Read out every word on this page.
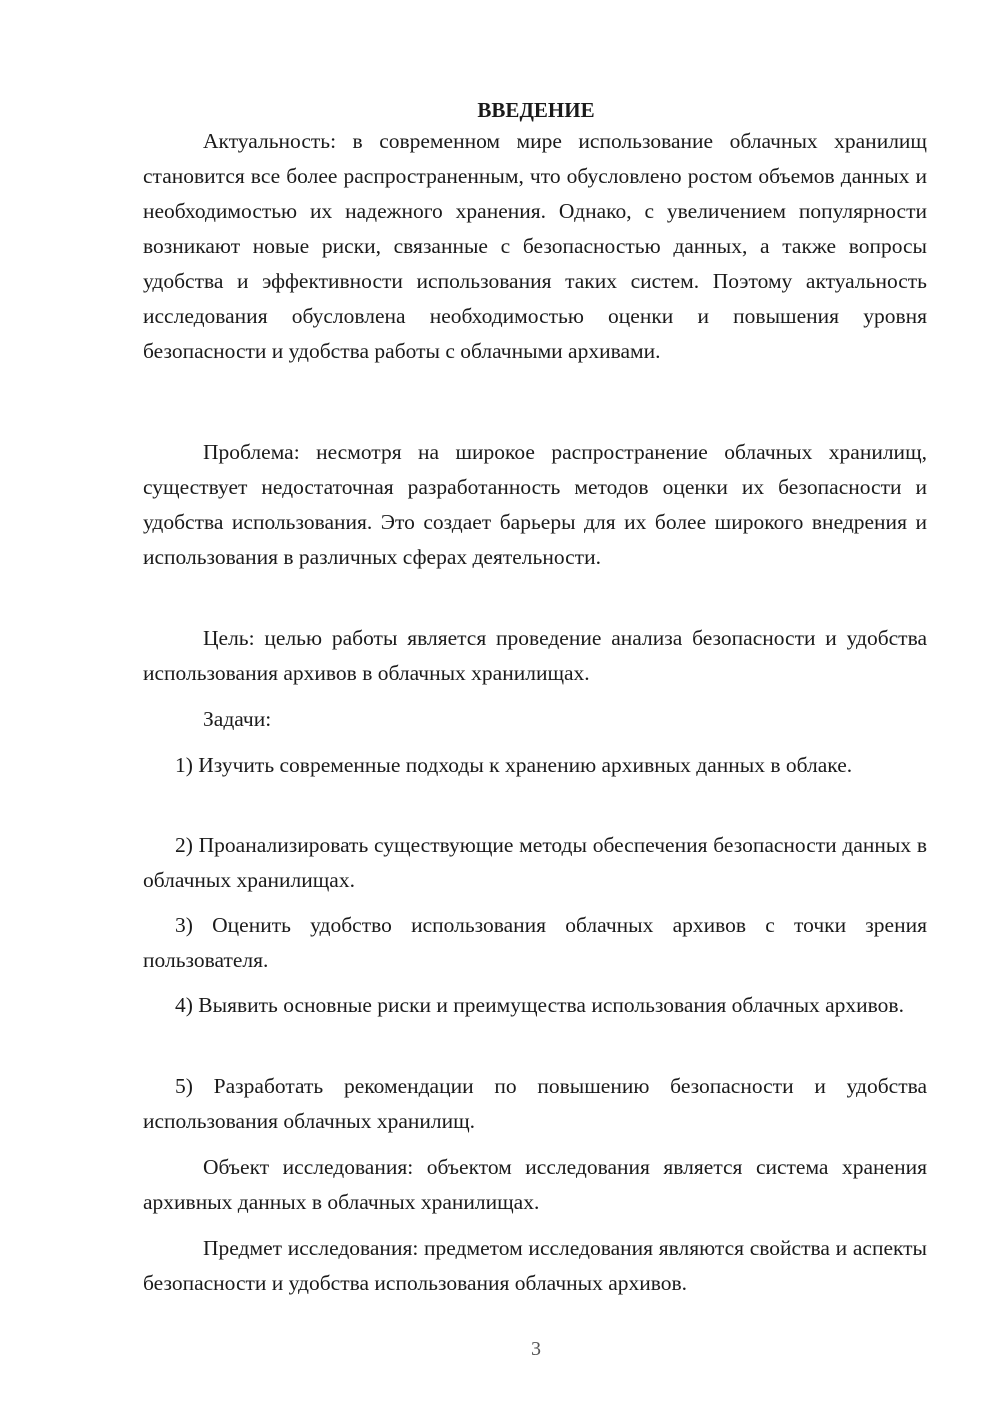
ВВЕДЕНИЕ

Актуальность: в современном мире использование облачных хранилищ становится все более распространенным, что обусловлено ростом объемов данных и необходимостью их надежного хранения. Однако, с увеличением популярности возникают новые риски, связанные с безопасностью данных, а также вопросы удобства и эффективности использования таких систем. Поэтому актуальность исследования обусловлена необходимостью оценки и повышения уровня безопасности и удобства работы с облачными архивами.

Проблема: несмотря на широкое распространение облачных хранилищ, существует недостаточная разработанность методов оценки их безопасности и удобства использования. Это создает барьеры для их более широкого внедрения и использования в различных сферах деятельности.

Цель: целью работы является проведение анализа безопасности и удобства использования архивов в облачных хранилищах.

Задачи:

1) Изучить современные подходы к хранению архивных данных в облаке.

2) Проанализировать существующие методы обеспечения безопасности данных в облачных хранилищах.

3) Оценить удобство использования облачных архивов с точки зрения пользователя.

4) Выявить основные риски и преимущества использования облачных архивов.

5) Разработать рекомендации по повышению безопасности и удобства использования облачных хранилищ.

Объект исследования: объектом исследования является система хранения архивных данных в облачных хранилищах.

Предмет исследования: предметом исследования являются свойства и аспекты безопасности и удобства использования облачных архивов.

3
